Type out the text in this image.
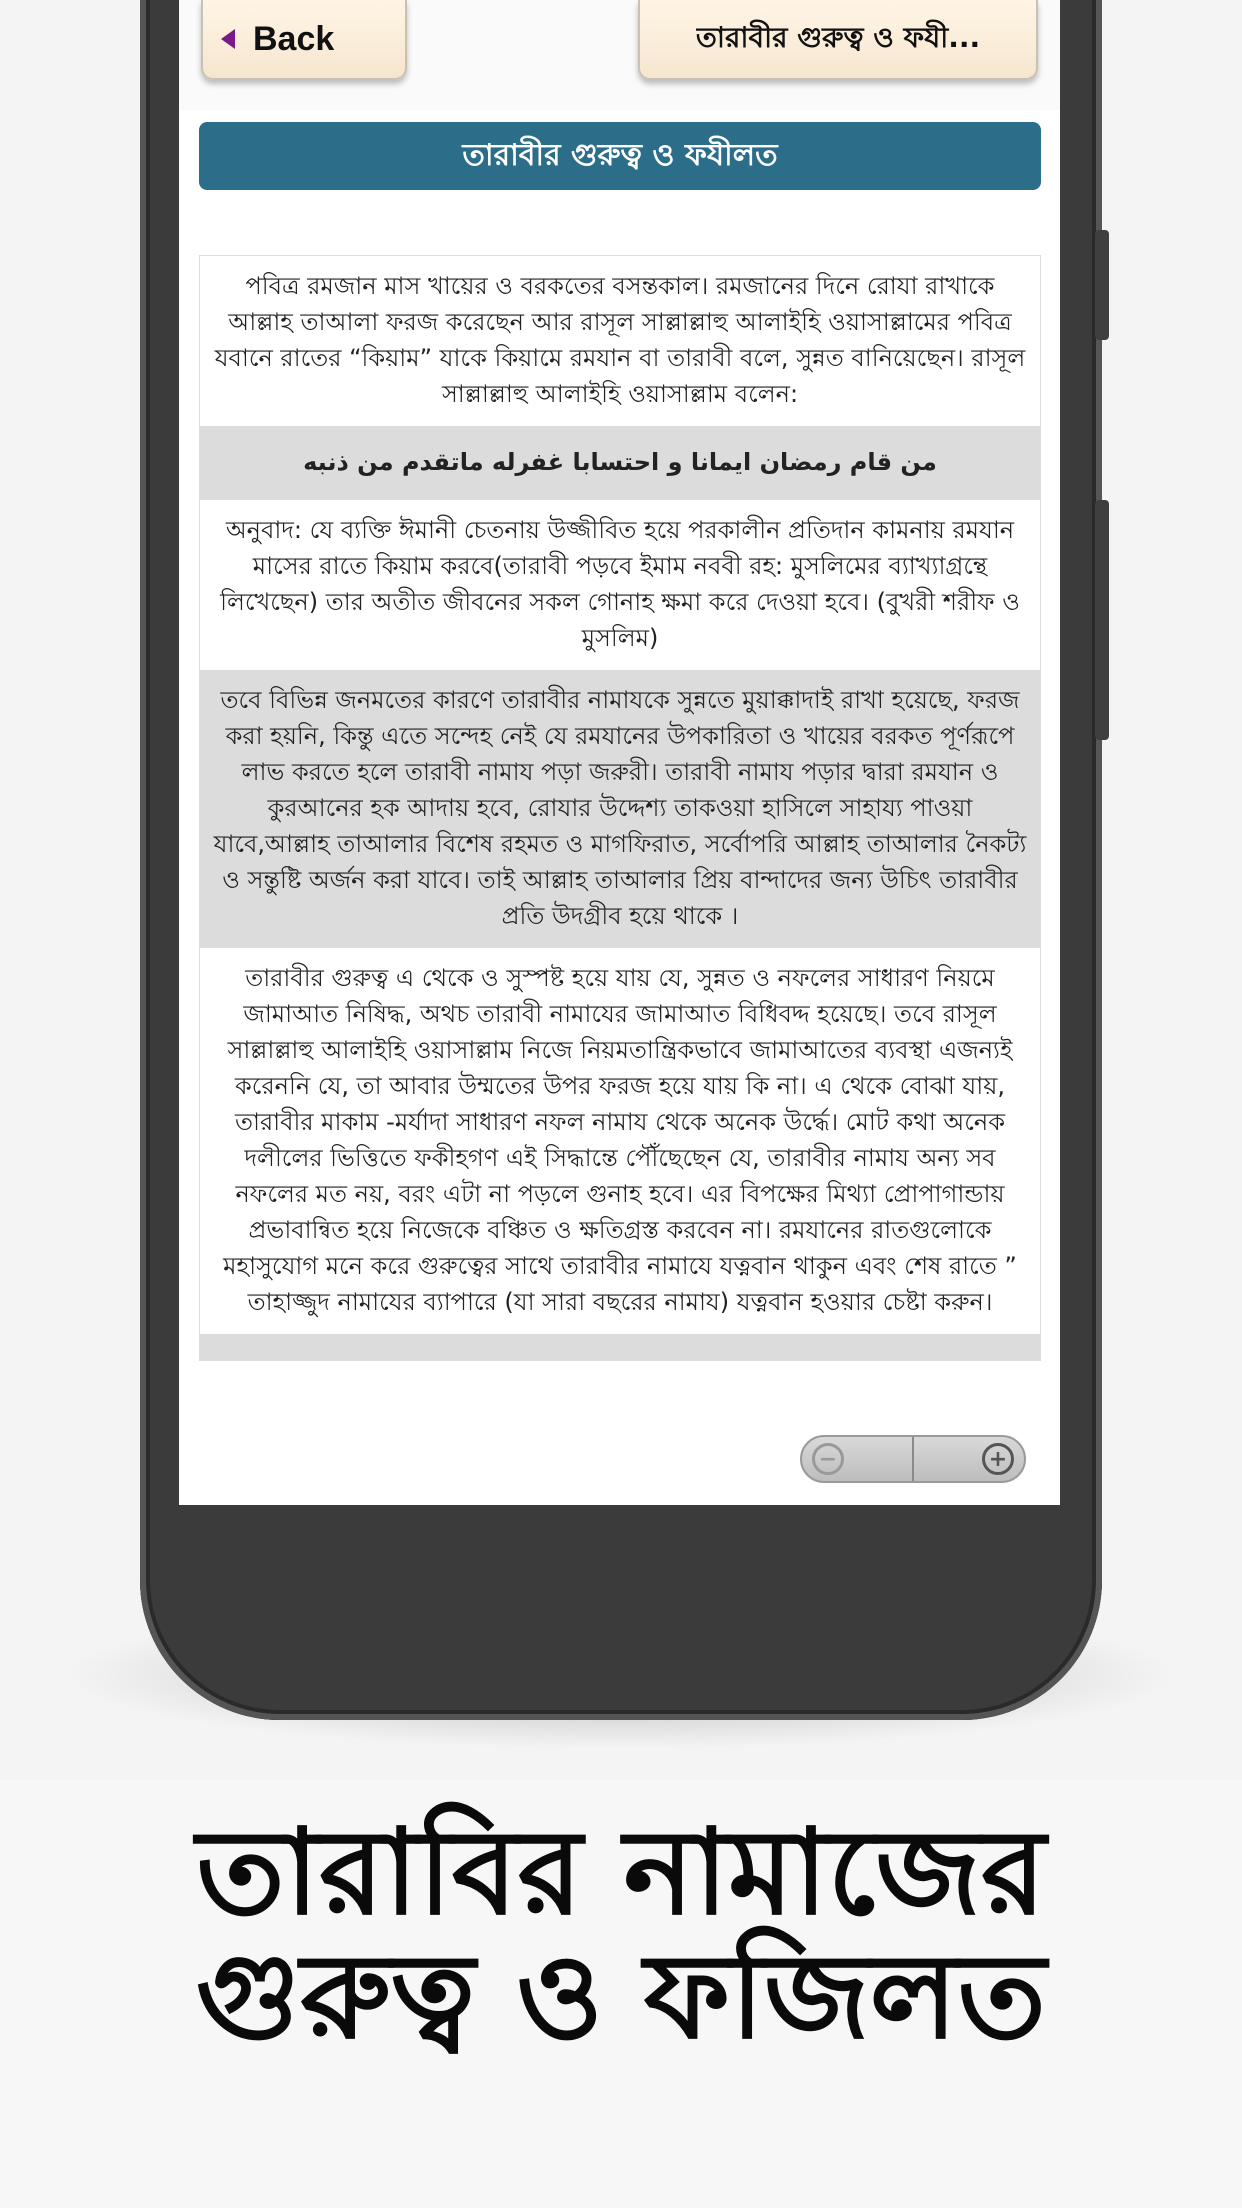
Back	তারাবীর গুরুত্ব ও ফযী...
তারাবীর গুরুত্ব ও ফযীলত
পবিত্র রমজান মাস খায়ের ও বরকতের বসন্তকাল। রমজানের দিনে রোযা রাখাকে আল্লাহ তাআলা ফরজ করেছেন আর রাসূল সাল্লাল্লাহু আলাইহি ওয়াসাল্লামের পবিত্র যবানে রাতের “কিয়াম” যাকে কিয়ামে রমযান বা তারাবী বলে, সুন্নত বানিয়েছেন। রাসূল সাল্লাল্লাহু আলাইহি ওয়াসাল্লাম বলেন:
من قام رمضان ايمانا و احتسابا غفرله ماتقدم من ذنبه
অনুবাদ: যে ব্যক্তি ঈমানী চেতনায় উজ্জীবিত হয়ে পরকালীন প্রতিদান কামনায় রমযান মাসের রাতে কিয়াম করবে(তারাবী পড়বে ইমাম নববী রহ: মুসলিমের ব্যাখ্যাগ্রন্থে লিখেছেন) তার অতীত জীবনের সকল গোনাহ ক্ষমা করে দেওয়া হবে। (বুখরী শরীফ ও মুসলিম)
তবে বিভিন্ন জনমতের কারণে তারাবীর নামাযকে সুন্নতে মুয়াক্কাদাই রাখা হয়েছে, ফরজ করা হয়নি, কিন্তু এতে সন্দেহ নেই যে রমযানের উপকারিতা ও খায়ের বরকত পূর্ণরূপে লাভ করতে হলে তারাবী নামায পড়া জরুরী। তারাবী নামায পড়ার দ্বারা রমযান ও কুরআনের হক আদায় হবে, রোযার উদ্দেশ্য তাকওয়া হাসিলে সাহায্য পাওয়া যাবে,আল্লাহ তাআলার বিশেষ রহমত ও মাগফিরাত, সর্বোপরি আল্লাহ তাআলার নৈকট্য ও সন্তুষ্টি অর্জন করা যাবে। তাই আল্লাহ তাআলার প্রিয় বান্দাদের জন্য উচিৎ তারাবীর প্রতি উদগ্রীব হয়ে থাকে ।
তারাবীর গুরুত্ব এ থেকে ও সুস্পষ্ট হয়ে যায় যে, সুন্নত ও নফলের সাধারণ নিয়মে জামাআত নিষিদ্ধ, অথচ তারাবী নামাযের জামাআত বিধিবদ্দ হয়েছে। তবে রাসূল সাল্লাল্লাহু আলাইহি ওয়াসাল্লাম নিজে নিয়মতান্ত্রিকভাবে জামাআতের ব্যবস্থা এজন্যই করেননি যে, তা আবার উম্মতের উপর ফরজ হয়ে যায় কি না। এ থেকে বোঝা যায়, তারাবীর মাকাম -মর্যাদা সাধারণ নফল নামায থেকে অনেক উর্দ্ধে। মোট কথা অনেক দলীলের ভিত্তিতে ফকীহগণ এই সিদ্ধান্তে পৌঁছেছেন যে, তারাবীর নামায অন্য সব নফলের মত নয়, বরং এটা না পড়লে গুনাহ হবে। এর বিপক্ষের মিথ্যা প্রোপাগান্ডায় প্রভাবান্বিত হয়ে নিজেকে বঞ্চিত ও ক্ষতিগ্রস্ত করবেন না। রমযানের রাতগুলোকে মহাসুযোগ মনে করে গুরুত্বের সাথে তারাবীর নামাযে যত্নবান থাকুন এবং শেষ রাতে ” তাহাজ্জুদ নামাযের ব্যাপারে (যা সারা বছরের নামায) যত্নবান হওয়ার চেষ্টা করুন।
−	+
তারাবির নামাজের
গুরুত্ব ও ফজিলত
